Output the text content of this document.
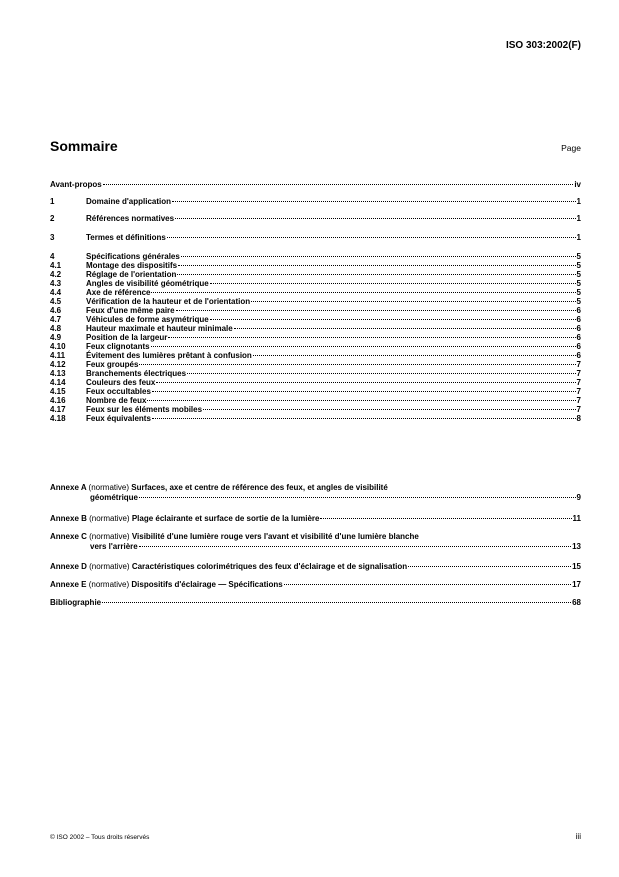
ISO 303:2002(F)
Sommaire	Page
Avant-propos	iv
1	Domaine d'application	1
2	Références normatives	1
3	Termes et définitions	1
4	Spécifications générales	5
4.1	Montage des dispositifs	5
4.2	Réglage de l'orientation	5
4.3	Angles de visibilité géométrique	5
4.4	Axe de référence	5
4.5	Vérification de la hauteur et de l'orientation	5
4.6	Feux d'une même paire	6
4.7	Véhicules de forme asymétrique	6
4.8	Hauteur maximale et hauteur minimale	6
4.9	Position de la largeur	6
4.10	Feux clignotants	6
4.11	Évitement des lumières prêtant à confusion	6
4.12	Feux groupés	7
4.13	Branchements électriques	7
4.14	Couleurs des feux	7
4.15	Feux occultables	7
4.16	Nombre de feux	7
4.17	Feux sur les éléments mobiles	7
4.18	Feux équivalents	8
Annexe A (normative) Surfaces, axe et centre de référence des feux, et angles de visibilité
géométrique	9
Annexe B (normative) Plage éclairante et surface de sortie de la lumière	11
Annexe C (normative) Visibilité d'une lumière rouge vers l'avant et visibilité d'une lumière blanche
vers l'arrière	13
Annexe D (normative) Caractéristiques colorimétriques des feux d'éclairage et de signalisation	15
Annexe E (normative) Dispositifs d'éclairage — Spécifications	17
Bibliographie	68
© ISO 2002 – Tous droits réservés	iii
